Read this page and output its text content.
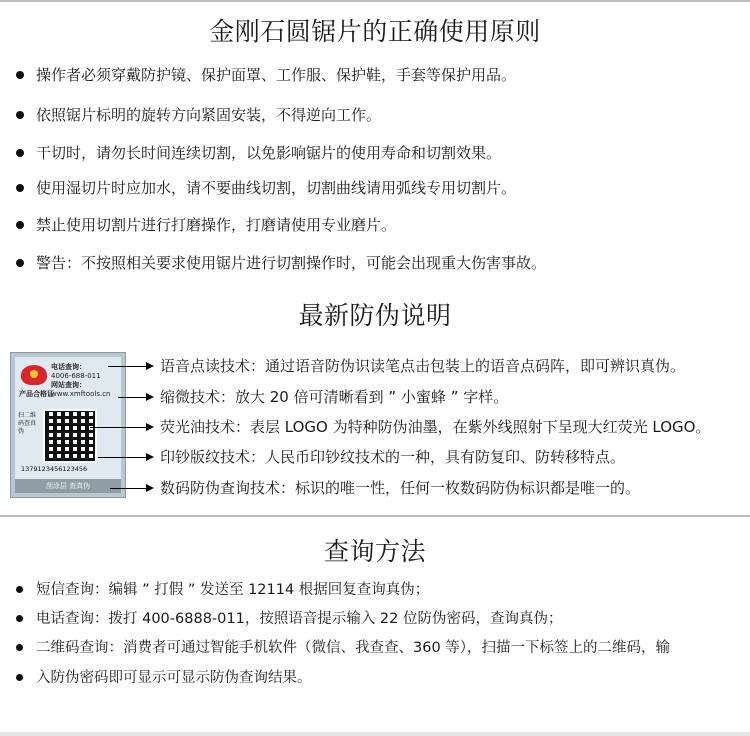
金刚石圆锯片的正确使用原则
操作者必须穿戴防护镜、保护面罩、工作服、保护鞋，手套等保护用品。
依照锯片标明的旋转方向紧固安装，不得逆向工作。
干切时，请勿长时间连续切割，以免影响锯片的使用寿命和切割效果。
使用湿切片时应加水，请不要曲线切割，切割曲线请用弧线专用切割片。
禁止使用切割片进行打磨操作，打磨请使用专业磨片。
警告：不按照相关要求使用锯片进行切割操作时，可能会出现重大伤害事故。
最新防伪说明
电话查询：
4006-688-011
网站查询：
www.xmftools.cn
产品合格证
扫二维码查真伪
13791234561234​56
刮涂层 查真伪
语音点读技术：通过语音防伪识读笔点击包装上的语音点码阵，即可辨识真伪。
缩微技术：放大 20 倍可清晰看到 ” 小蜜蜂 ” 字样。
荧光油技术：表层 LOGO 为特种防伪油墨，在紫外线照射下呈现大红荧光 LOGO。
印钞版纹技术：人民币印钞纹技术的一种，具有防复印、防转移特点。
数码防伪查询技术：标识的唯一性，任何一枚数码防伪标识都是唯一的。
查询方法
短信查询：编辑 ” 打假 ” 发送至 12114 根据回复查询真伪；
电话查询：拨打 400-6888-011，按照语音提示输入 22 位防伪密码，查询真伪；
二维码查询：消费者可通过智能手机软件（微信、我查查、360 等），扫描一下标签上的二维码，输
入防伪密码即可显示可显示防伪查询结果。
